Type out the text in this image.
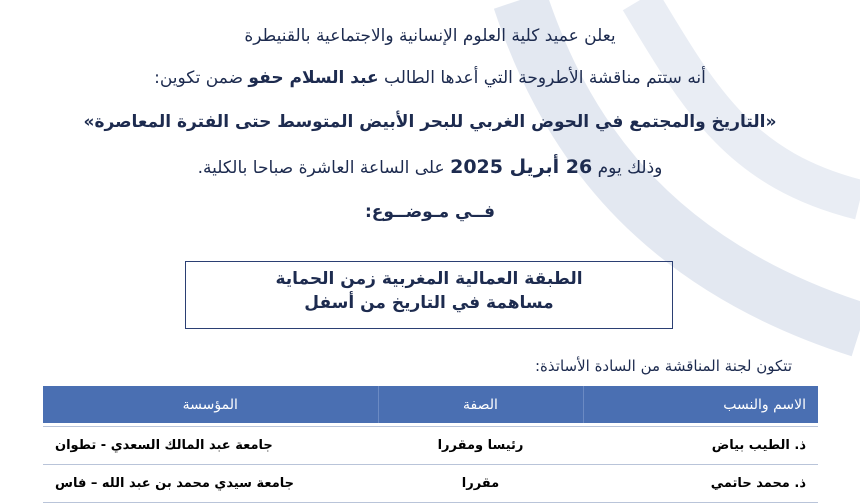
يعلن عميد كلية العلوم الإنسانية والاجتماعية بالقنيطرة
أنه ستتم مناقشة الأطروحة التي أعدها الطالب عبد السلام حفو ضمن تكوين:
«التاريخ والمجتمع في الحوض الغربي للبحر الأبيض المتوسط حتى الفترة المعاصرة»
وذلك يوم 26 أبريل 2025 على الساعة العاشرة صباحا بالكلية.
فــي مـوضــوع:
الطبقة العمالية المغربية زمن الحماية
مساهمة في التاريخ من أسفل
تتكون لجنة المناقشة من السادة الأساتذة:
الاسم والنسب	الصفة	المؤسسة

ذ. الطيب بياض	رئيسا ومقررا	جامعة عبد المالك السعدي - تطوان
ذ. محمد حاتمي	مقررا	جامعة سيدي محمد بن عبد الله – فاس
